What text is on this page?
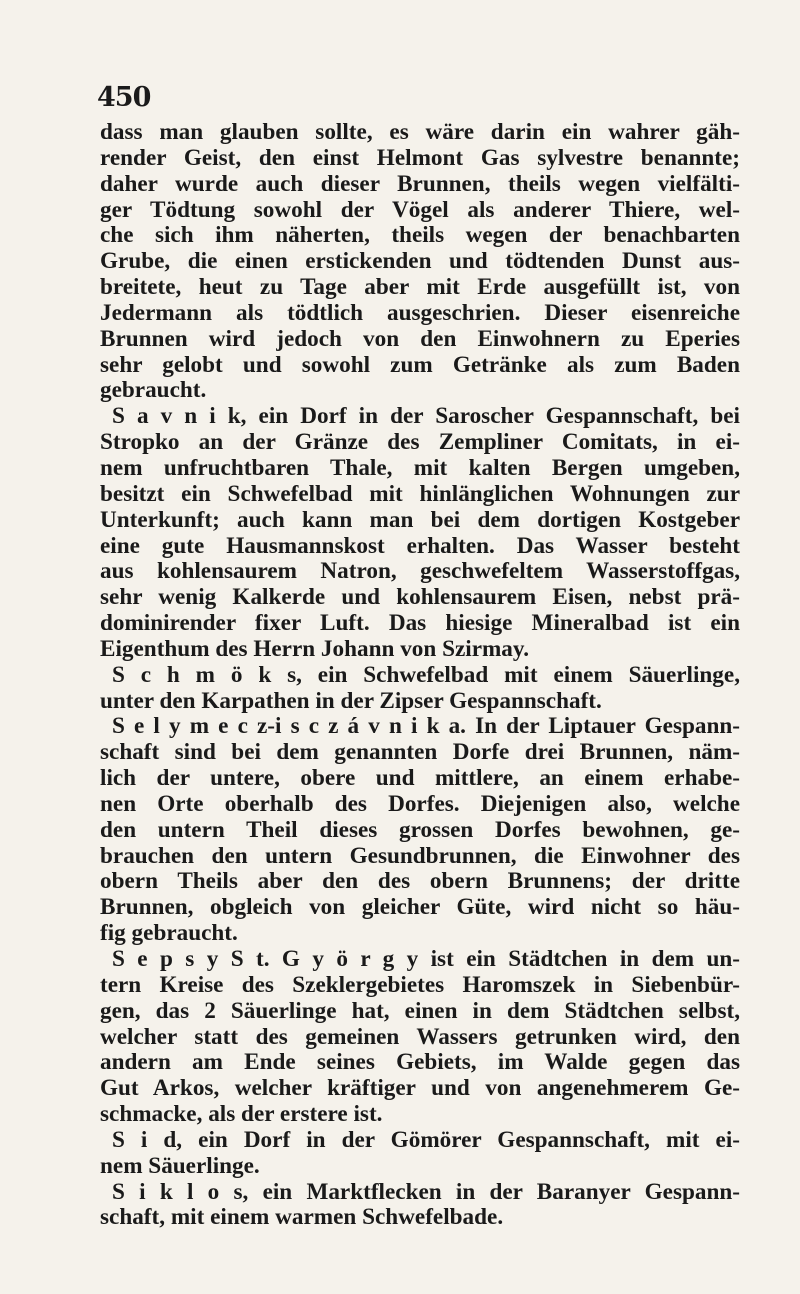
450
dass man glauben sollte, es wäre darin ein wahrer gäh-
render Geist, den einst Helmont Gas sylvestre benannte;
daher wurde auch dieser Brunnen, theils wegen vielfälti-
ger Tödtung sowohl der Vögel als anderer Thiere, wel-
che sich ihm näherten, theils wegen der benachbarten
Grube, die einen erstickenden und tödtenden Dunst aus-
breitete, heut zu Tage aber mit Erde ausgefüllt ist, von
Jedermann als tödtlich ausgeschrien. Dieser eisenreiche
Brunnen wird jedoch von den Einwohnern zu Eperies
sehr gelobt und sowohl zum Getränke als zum Baden
gebraucht.
S a v n i k, ein Dorf in der Saroscher Gespannschaft, bei
Stropko an der Gränze des Zempliner Comitats, in ei-
nem unfruchtbaren Thale, mit kalten Bergen umgeben,
besitzt ein Schwefelbad mit hinlänglichen Wohnungen zur
Unterkunft; auch kann man bei dem dortigen Kostgeber
eine gute Hausmannskost erhalten. Das Wasser besteht
aus kohlensaurem Natron, geschwefeltem Wasserstoffgas,
sehr wenig Kalkerde und kohlensaurem Eisen, nebst prä-
dominirender fixer Luft. Das hiesige Mineralbad ist ein
Eigenthum des Herrn Johann von Szirmay.
S c h m ö k s, ein Schwefelbad mit einem Säuerlinge,
unter den Karpathen in der Zipser Gespannschaft.
S e l y m e c z-i s c z á v n i k a. In der Liptauer Gespann-
schaft sind bei dem genannten Dorfe drei Brunnen, näm-
lich der untere, obere und mittlere, an einem erhabe-
nen Orte oberhalb des Dorfes. Diejenigen also, welche
den untern Theil dieses grossen Dorfes bewohnen, ge-
brauchen den untern Gesundbrunnen, die Einwohner des
obern Theils aber den des obern Brunnens; der dritte
Brunnen, obgleich von gleicher Güte, wird nicht so häu-
fig gebraucht.
S e p s y S t. G y ö r g y ist ein Städtchen in dem un-
tern Kreise des Szeklergebietes Haromszek in Siebenbür-
gen, das 2 Säuerlinge hat, einen in dem Städtchen selbst,
welcher statt des gemeinen Wassers getrunken wird, den
andern am Ende seines Gebiets, im Walde gegen das
Gut Arkos, welcher kräftiger und von angenehmerem Ge-
schmacke, als der erstere ist.
S i d, ein Dorf in der Gömörer Gespannschaft, mit ei-
nem Säuerlinge.
S i k l o s, ein Marktflecken in der Baranyer Gespann-
schaft, mit einem warmen Schwefelbade.
